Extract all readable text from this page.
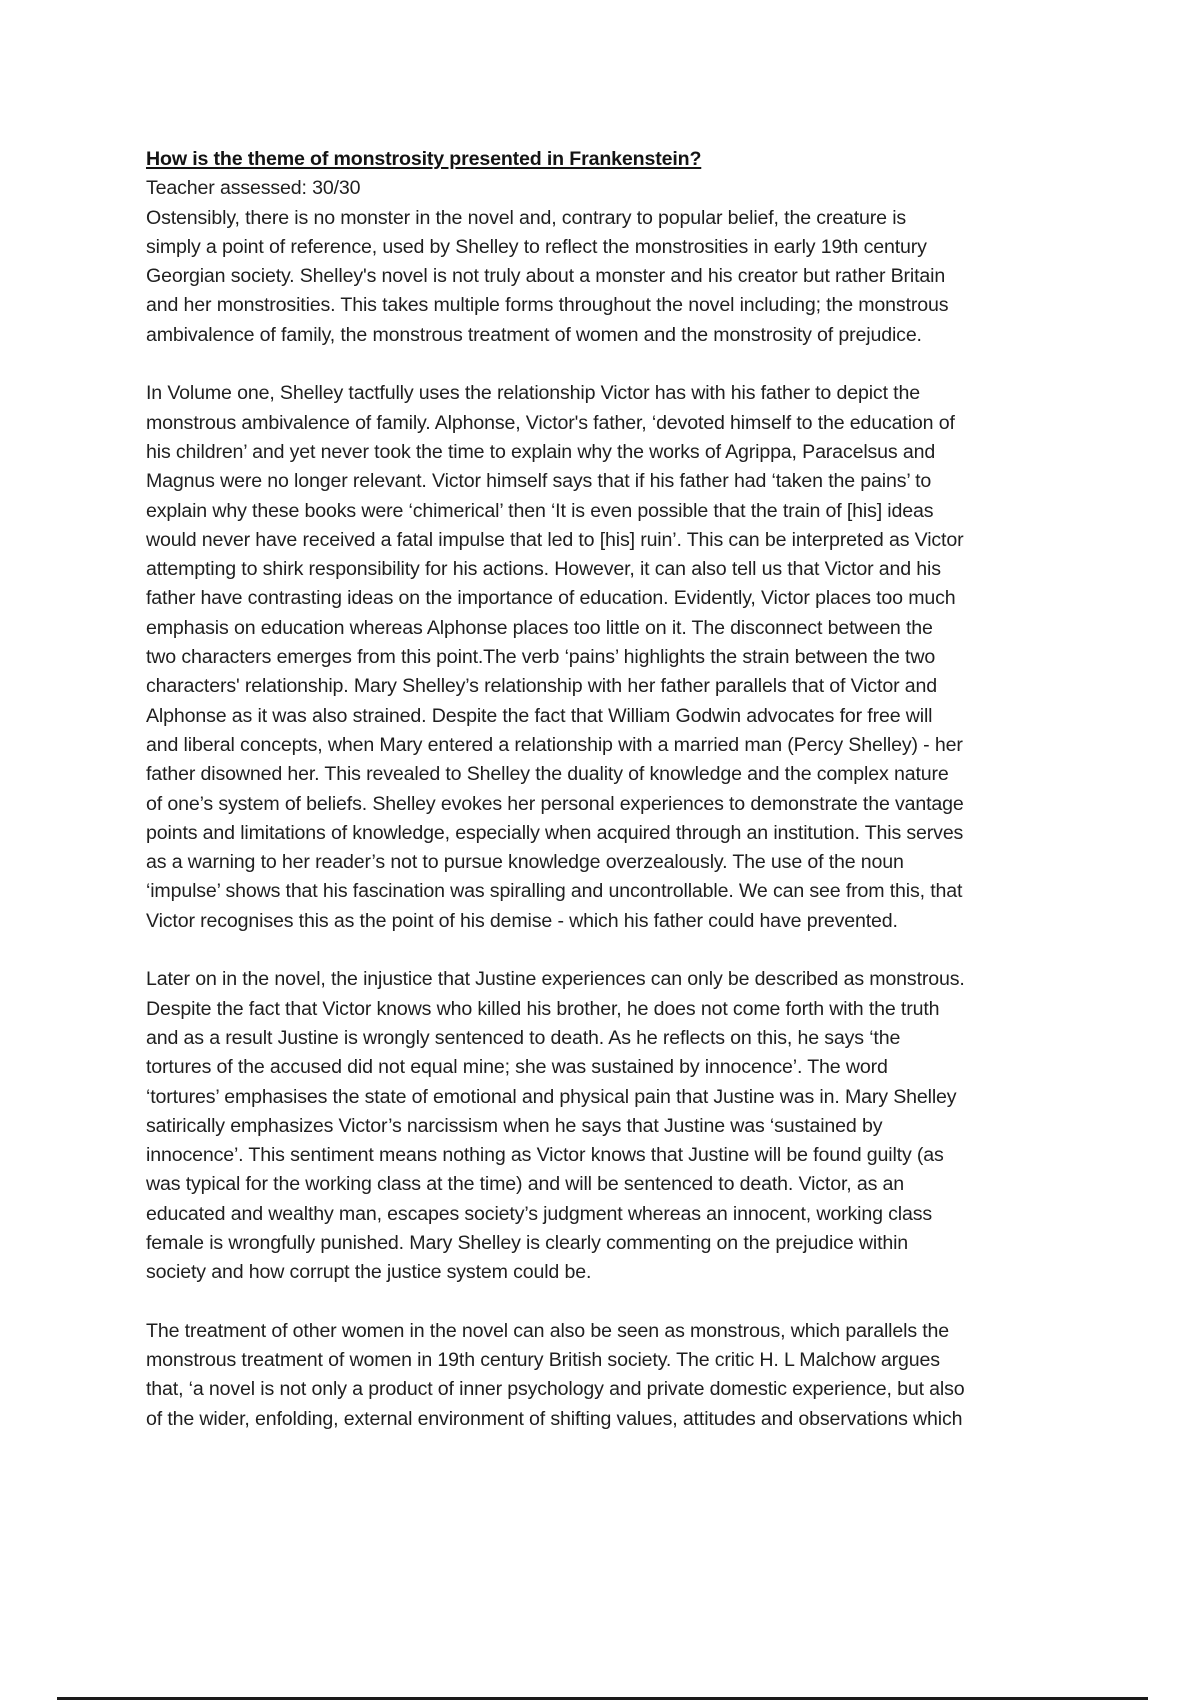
How is the theme of monstrosity presented in Frankenstein?
Teacher assessed: 30/30

Ostensibly, there is no monster in the novel and, contrary to popular belief, the creature is
simply a point of reference, used by Shelley to reflect the monstrosities in early 19th century
Georgian society. Shelley's novel is not truly about a monster and his creator but rather Britain
and her monstrosities. This takes multiple forms throughout the novel including; the monstrous
ambivalence of family, the monstrous treatment of women and the monstrosity of prejudice.

In Volume one, Shelley tactfully uses the relationship Victor has with his father to depict the
monstrous ambivalence of family. Alphonse, Victor's father, ‘devoted himself to the education of
his children’ and yet never took the time to explain why the works of Agrippa, Paracelsus and
Magnus were no longer relevant. Victor himself says that if his father had ‘taken the pains’ to
explain why these books were ‘chimerical’ then ‘It is even possible that the train of [his] ideas
would never have received a fatal impulse that led to [his] ruin’. This can be interpreted as Victor
attempting to shirk responsibility for his actions. However, it can also tell us that Victor and his
father have contrasting ideas on the importance of education. Evidently, Victor places too much
emphasis on education whereas Alphonse places too little on it. The disconnect between the
two characters emerges from this point.The verb ‘pains’ highlights the strain between the two
characters' relationship. Mary Shelley’s relationship with her father parallels that of Victor and
Alphonse as it was also strained. Despite the fact that William Godwin advocates for free will
and liberal concepts, when Mary entered a relationship with a married man (Percy Shelley) - her
father disowned her. This revealed to Shelley the duality of knowledge and the complex nature
of one’s system of beliefs. Shelley evokes her personal experiences to demonstrate the vantage
points and limitations of knowledge, especially when acquired through an institution. This serves
as a warning to her reader’s not to pursue knowledge overzealously. The use of the noun
‘impulse’ shows that his fascination was spiralling and uncontrollable. We can see from this, that
Victor recognises this as the point of his demise - which his father could have prevented.

Later on in the novel, the injustice that Justine experiences can only be described as monstrous.
Despite the fact that Victor knows who killed his brother, he does not come forth with the truth
and as a result Justine is wrongly sentenced to death. As he reflects on this, he says ‘the
tortures of the accused did not equal mine; she was sustained by innocence’. The word
‘tortures’ emphasises the state of emotional and physical pain that Justine was in. Mary Shelley
satirically emphasizes Victor’s narcissism when he says that Justine was ‘sustained by
innocence’. This sentiment means nothing as Victor knows that Justine will be found guilty (as
was typical for the working class at the time) and will be sentenced to death. Victor, as an
educated and wealthy man, escapes society’s judgment whereas an innocent, working class
female is wrongfully punished. Mary Shelley is clearly commenting on the prejudice within
society and how corrupt the justice system could be.

The treatment of other women in the novel can also be seen as monstrous, which parallels the
monstrous treatment of women in 19th century British society. The critic H. L Malchow argues
that, ‘a novel is not only a product of inner psychology and private domestic experience, but also
of the wider, enfolding, external environment of shifting values, attitudes and observations which
